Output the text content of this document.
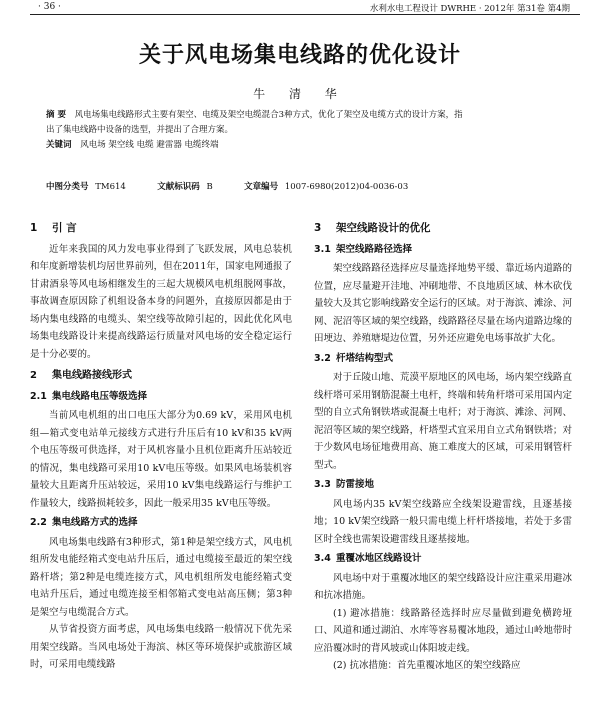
· 36 ·	水利水电工程设计 DWRHE · 2012年 第31卷 第4期
关于风电场集电线路的优化设计
牛 清 华
摘 要 风电场集电线路形式主要有架空、电缆及架空电缆混合3种方式，优化了架空及电缆方式的设计方案，指
出了集电线路中设备的选型，并提出了合理方案。
关键词 风电场 架空线 电缆 避雷器 电缆终端
中图分类号 TM614	文献标识码 B	文章编号 1007-6980(2012)04-0036-03
1 引 言

近年来我国的风力发电事业得到了飞跃发展，风电总装机和年度新增装机均居世界前列，但在2011年，国家电网通报了甘肃酒泉等风电场相继发生的三起大规模风电机组脱网事故，事故调查原因除了机组设备本身的问题外，直接原因都是由于场内集电线路的电缆头、架空线等故障引起的，因此优化风电场集电线路设计来提高线路运行质量对风电场的安全稳定运行是十分必要的。

2 集电线路接线形式
2.1 集电线路电压等级选择

当前风电机组的出口电压大部分为0.69 kV，采用风电机组—箱式变电站单元接线方式进行升压后有10 kV和35 kV两个电压等级可供选择，对于风机容量小且机位距离升压站较近的情况，集电线路可采用10 kV电压等级。如果风电场装机容量较大且距离升压站较远，采用10 kV集电线路运行与维护工作量较大，线路损耗较多，因此一般采用35 kV电压等级。

2.2 集电线路方式的选择

风电场集电线路有3种形式，第1种是架空线方式，风电机组所发电能经箱式变电站升压后，通过电缆接至最近的架空线路杆塔；第2种是电缆连接方式，风电机组所发电能经箱式变电站升压后，通过电缆连接至相邻箱式变电站高压侧；第3种是架空与电缆混合方式。

从节省投资方面考虑，风电场集电线路一般情况下优先采用架空线路。当风电场处于海滨、林区等环境保护或旅游区域时，可采用电缆线路

3 架空线路设计的优化
3.1 架空线路路径选择

架空线路路径选择应尽量选择地势平缓、靠近场内道路的位置，应尽量避开洼地、冲刷地带、不良地质区域、林木砍伐量较大及其它影响线路安全运行的区域。对于海滨、滩涂、河网、泥沼等区域的架空线路，线路路径尽量在场内道路边缘的田埂边、养殖塘堤边位置，另外还应避免电场事故扩大化。

3.2 杆塔结构型式

对于丘陵山地、荒漠平原地区的风电场，场内架空线路直线杆塔可采用钢筋混凝土电杆，终端和转角杆塔可采用国内定型的自立式角钢铁塔或混凝土电杆；对于海滨、滩涂、河网、泥沼等区域的架空线路，杆塔型式宜采用自立式角钢铁塔；对于少数风电场征地费用高、施工难度大的区域，可采用钢管杆型式。

3.3 防雷接地

风电场内35 kV架空线路应全线架设避雷线，且逐基接地；10 kV架空线路一般只需电缆上杆杆塔接地，若处于多雷区时全线也需架设避雷线且逐基接地。

3.4 重覆冰地区线路设计

风电场中对于重覆冰地区的架空线路设计应注重采用避冰和抗冰措施。

(1) 避冰措施：线路路径选择时应尽量做到避免横跨垭口、风道和通过湖泊、水库等容易覆冰地段，通过山岭地带时应沿覆冰时的背风坡或山体阳坡走线。

(2) 抗冰措施：首先重覆冰地区的架空线路应
